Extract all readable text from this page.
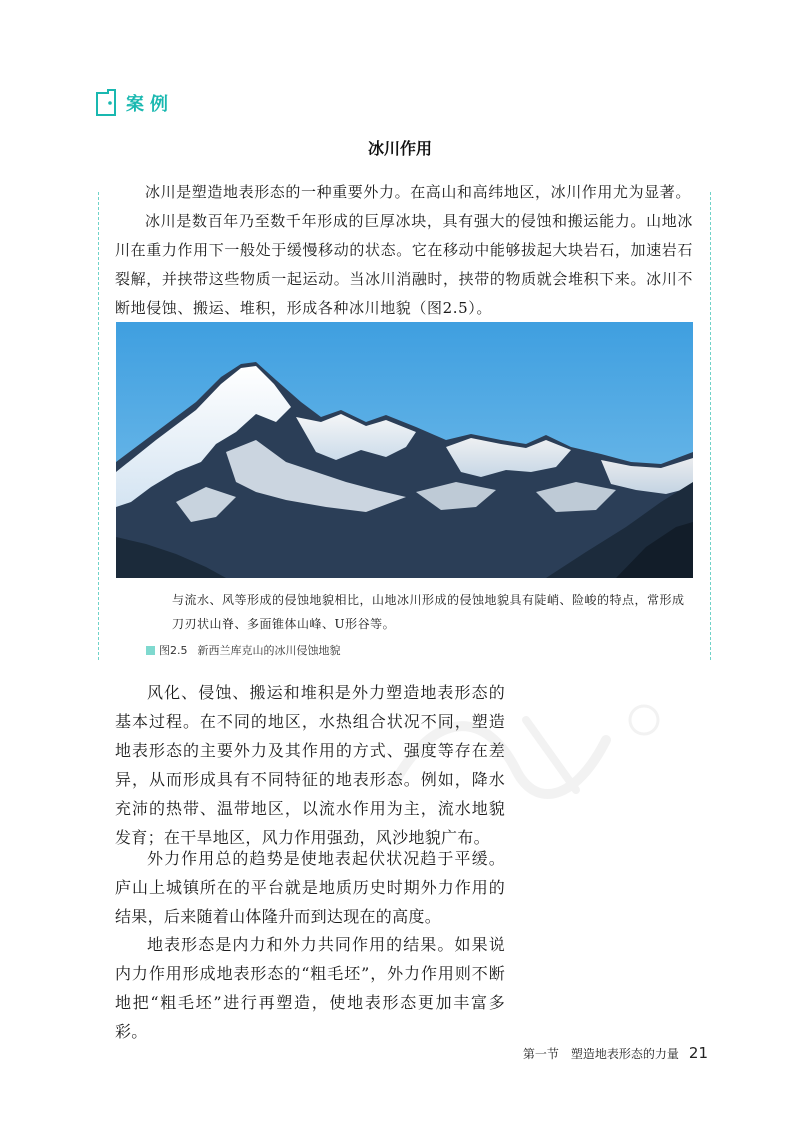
案例
冰川作用

冰川是塑造地表形态的一种重要外力。在高山和高纬地区，冰川作用尤为显著。

冰川是数百年乃至数千年形成的巨厚冰块，具有强大的侵蚀和搬运能力。山地冰川在重力作用下一般处于缓慢移动的状态。它在移动中能够拔起大块岩石，加速岩石裂解，并挟带这些物质一起运动。当冰川消融时，挟带的物质就会堆积下来。冰川不断地侵蚀、搬运、堆积，形成各种冰川地貌（图2.5）。

与流水、风等形成的侵蚀地貌相比，山地冰川形成的侵蚀地貌具有陡峭、险峻的特点，常形成刀刃状山脊、多面锥体山峰、U形谷等。

图2.5 新西兰库克山的冰川侵蚀地貌

风化、侵蚀、搬运和堆积是外力塑造地表形态的基本过程。在不同的地区，水热组合状况不同，塑造地表形态的主要外力及其作用的方式、强度等存在差异，从而形成具有不同特征的地表形态。例如，降水充沛的热带、温带地区，以流水作用为主，流水地貌发育；在干旱地区，风力作用强劲，风沙地貌广布。

外力作用总的趋势是使地表起伏状况趋于平缓。庐山上城镇所在的平台就是地质历史时期外力作用的结果，后来随着山体隆升而到达现在的高度。

地表形态是内力和外力共同作用的结果。如果说内力作用形成地表形态的“粗毛坯”，外力作用则不断地把“粗毛坯”进行再塑造，使地表形态更加丰富多彩。

第一节 塑造地表形态的力量 21
